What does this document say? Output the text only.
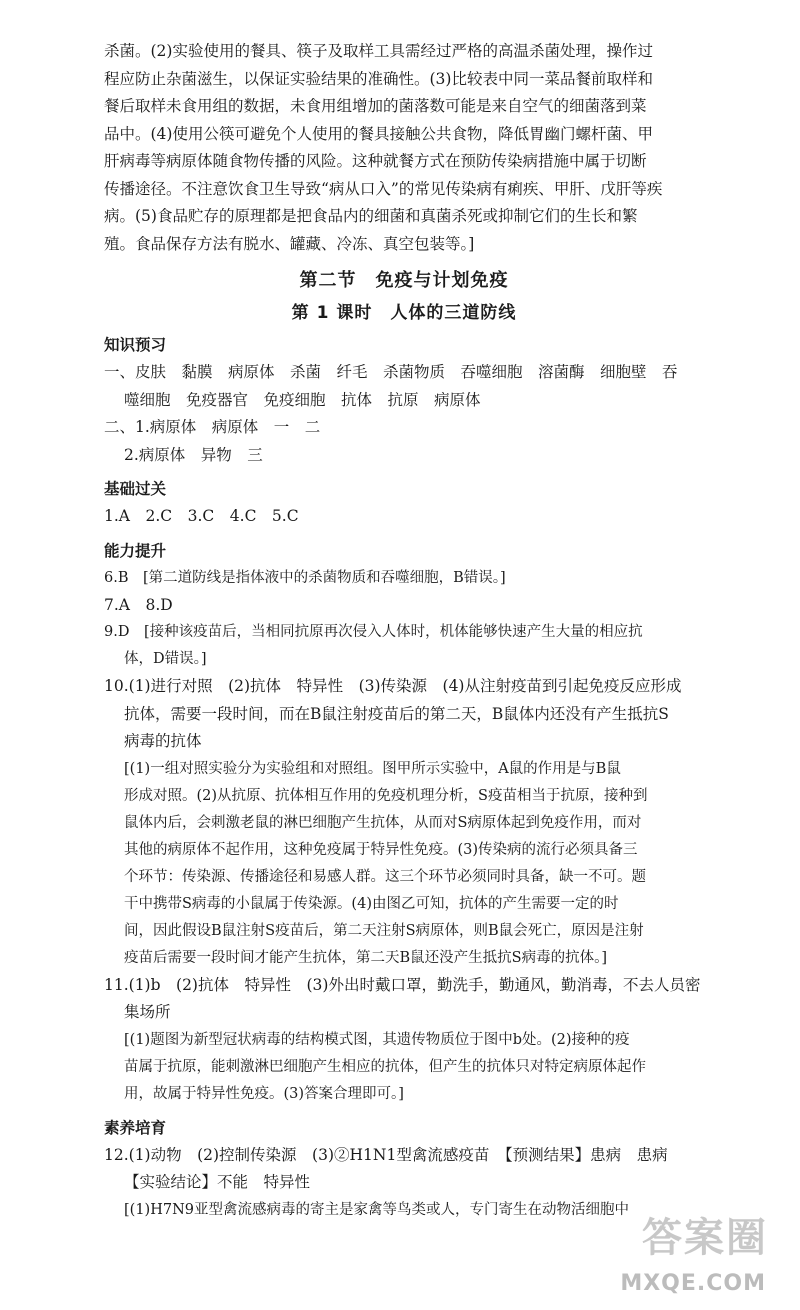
杀菌。(2)实验使用的餐具、筷子及取样工具需经过严格的高温杀菌处理，操作过

程应防止杂菌滋生，以保证实验结果的准确性。(3)比较表中同一菜品餐前取样和

餐后取样未食用组的数据，未食用组增加的菌落数可能是来自空气的细菌落到菜

品中。(4)使用公筷可避免个人使用的餐具接触公共食物，降低胃幽门螺杆菌、甲

肝病毒等病原体随食物传播的风险。这种就餐方式在预防传染病措施中属于切断

传播途径。不注意饮食卫生导致“病从口入”的常见传染病有痢疾、甲肝、戊肝等疾

病。(5)食品贮存的原理都是把食品内的细菌和真菌杀死或抑制它们的生长和繁

殖。食品保存方法有脱水、罐藏、冷冻、真空包装等。]

第二节　免疫与计划免疫
第 1 课时　人体的三道防线
知识预习

一、皮肤　黏膜　病原体　杀菌　纤毛　杀菌物质　吞噬细胞　溶菌酶　细胞壁　吞

噬细胞　免疫器官　免疫细胞　抗体　抗原　病原体

二、1.病原体　病原体　一　二

2.病原体　异物　三

基础过关

1.A　2.C　3.C　4.C　5.C

能力提升

6.B　[第二道防线是指体液中的杀菌物质和吞噬细胞，B错误。]

7.A　8.D

9.D　[接种该疫苗后，当相同抗原再次侵入人体时，机体能够快速产生大量的相应抗

体，D错误。]

10.(1)进行对照　(2)抗体　特异性　(3)传染源　(4)从注射疫苗到引起免疫反应形成

抗体，需要一段时间，而在B鼠注射疫苗后的第二天，B鼠体内还没有产生抵抗S

病毒的抗体

[(1)一组对照实验分为实验组和对照组。图甲所示实验中，A鼠的作用是与B鼠

形成对照。(2)从抗原、抗体相互作用的免疫机理分析，S疫苗相当于抗原，接种到

鼠体内后，会刺激老鼠的淋巴细胞产生抗体，从而对S病原体起到免疫作用，而对

其他的病原体不起作用，这种免疫属于特异性免疫。(3)传染病的流行必须具备三

个环节：传染源、传播途径和易感人群。这三个环节必须同时具备，缺一不可。题

干中携带S病毒的小鼠属于传染源。(4)由图乙可知，抗体的产生需要一定的时

间，因此假设B鼠注射S疫苗后，第二天注射S病原体，则B鼠会死亡，原因是注射

疫苗后需要一段时间才能产生抗体，第二天B鼠还没产生抵抗S病毒的抗体。]

11.(1)b　(2)抗体　特异性　(3)外出时戴口罩，勤洗手，勤通风，勤消毒，不去人员密

集场所

[(1)题图为新型冠状病毒的结构模式图，其遗传物质位于图中b处。(2)接种的疫

苗属于抗原，能刺激淋巴细胞产生相应的抗体，但产生的抗体只对特定病原体起作

用，故属于特异性免疫。(3)答案合理即可。]

素养培育

12.(1)动物　(2)控制传染源　(3)②H1N1型禽流感疫苗　【预测结果】患病　患病

【实验结论】不能　特异性

[(1)H7N9亚型禽流感病毒的寄主是家禽等鸟类或人，专门寄生在动物活细胞中

答案圈
MXQE.COM
